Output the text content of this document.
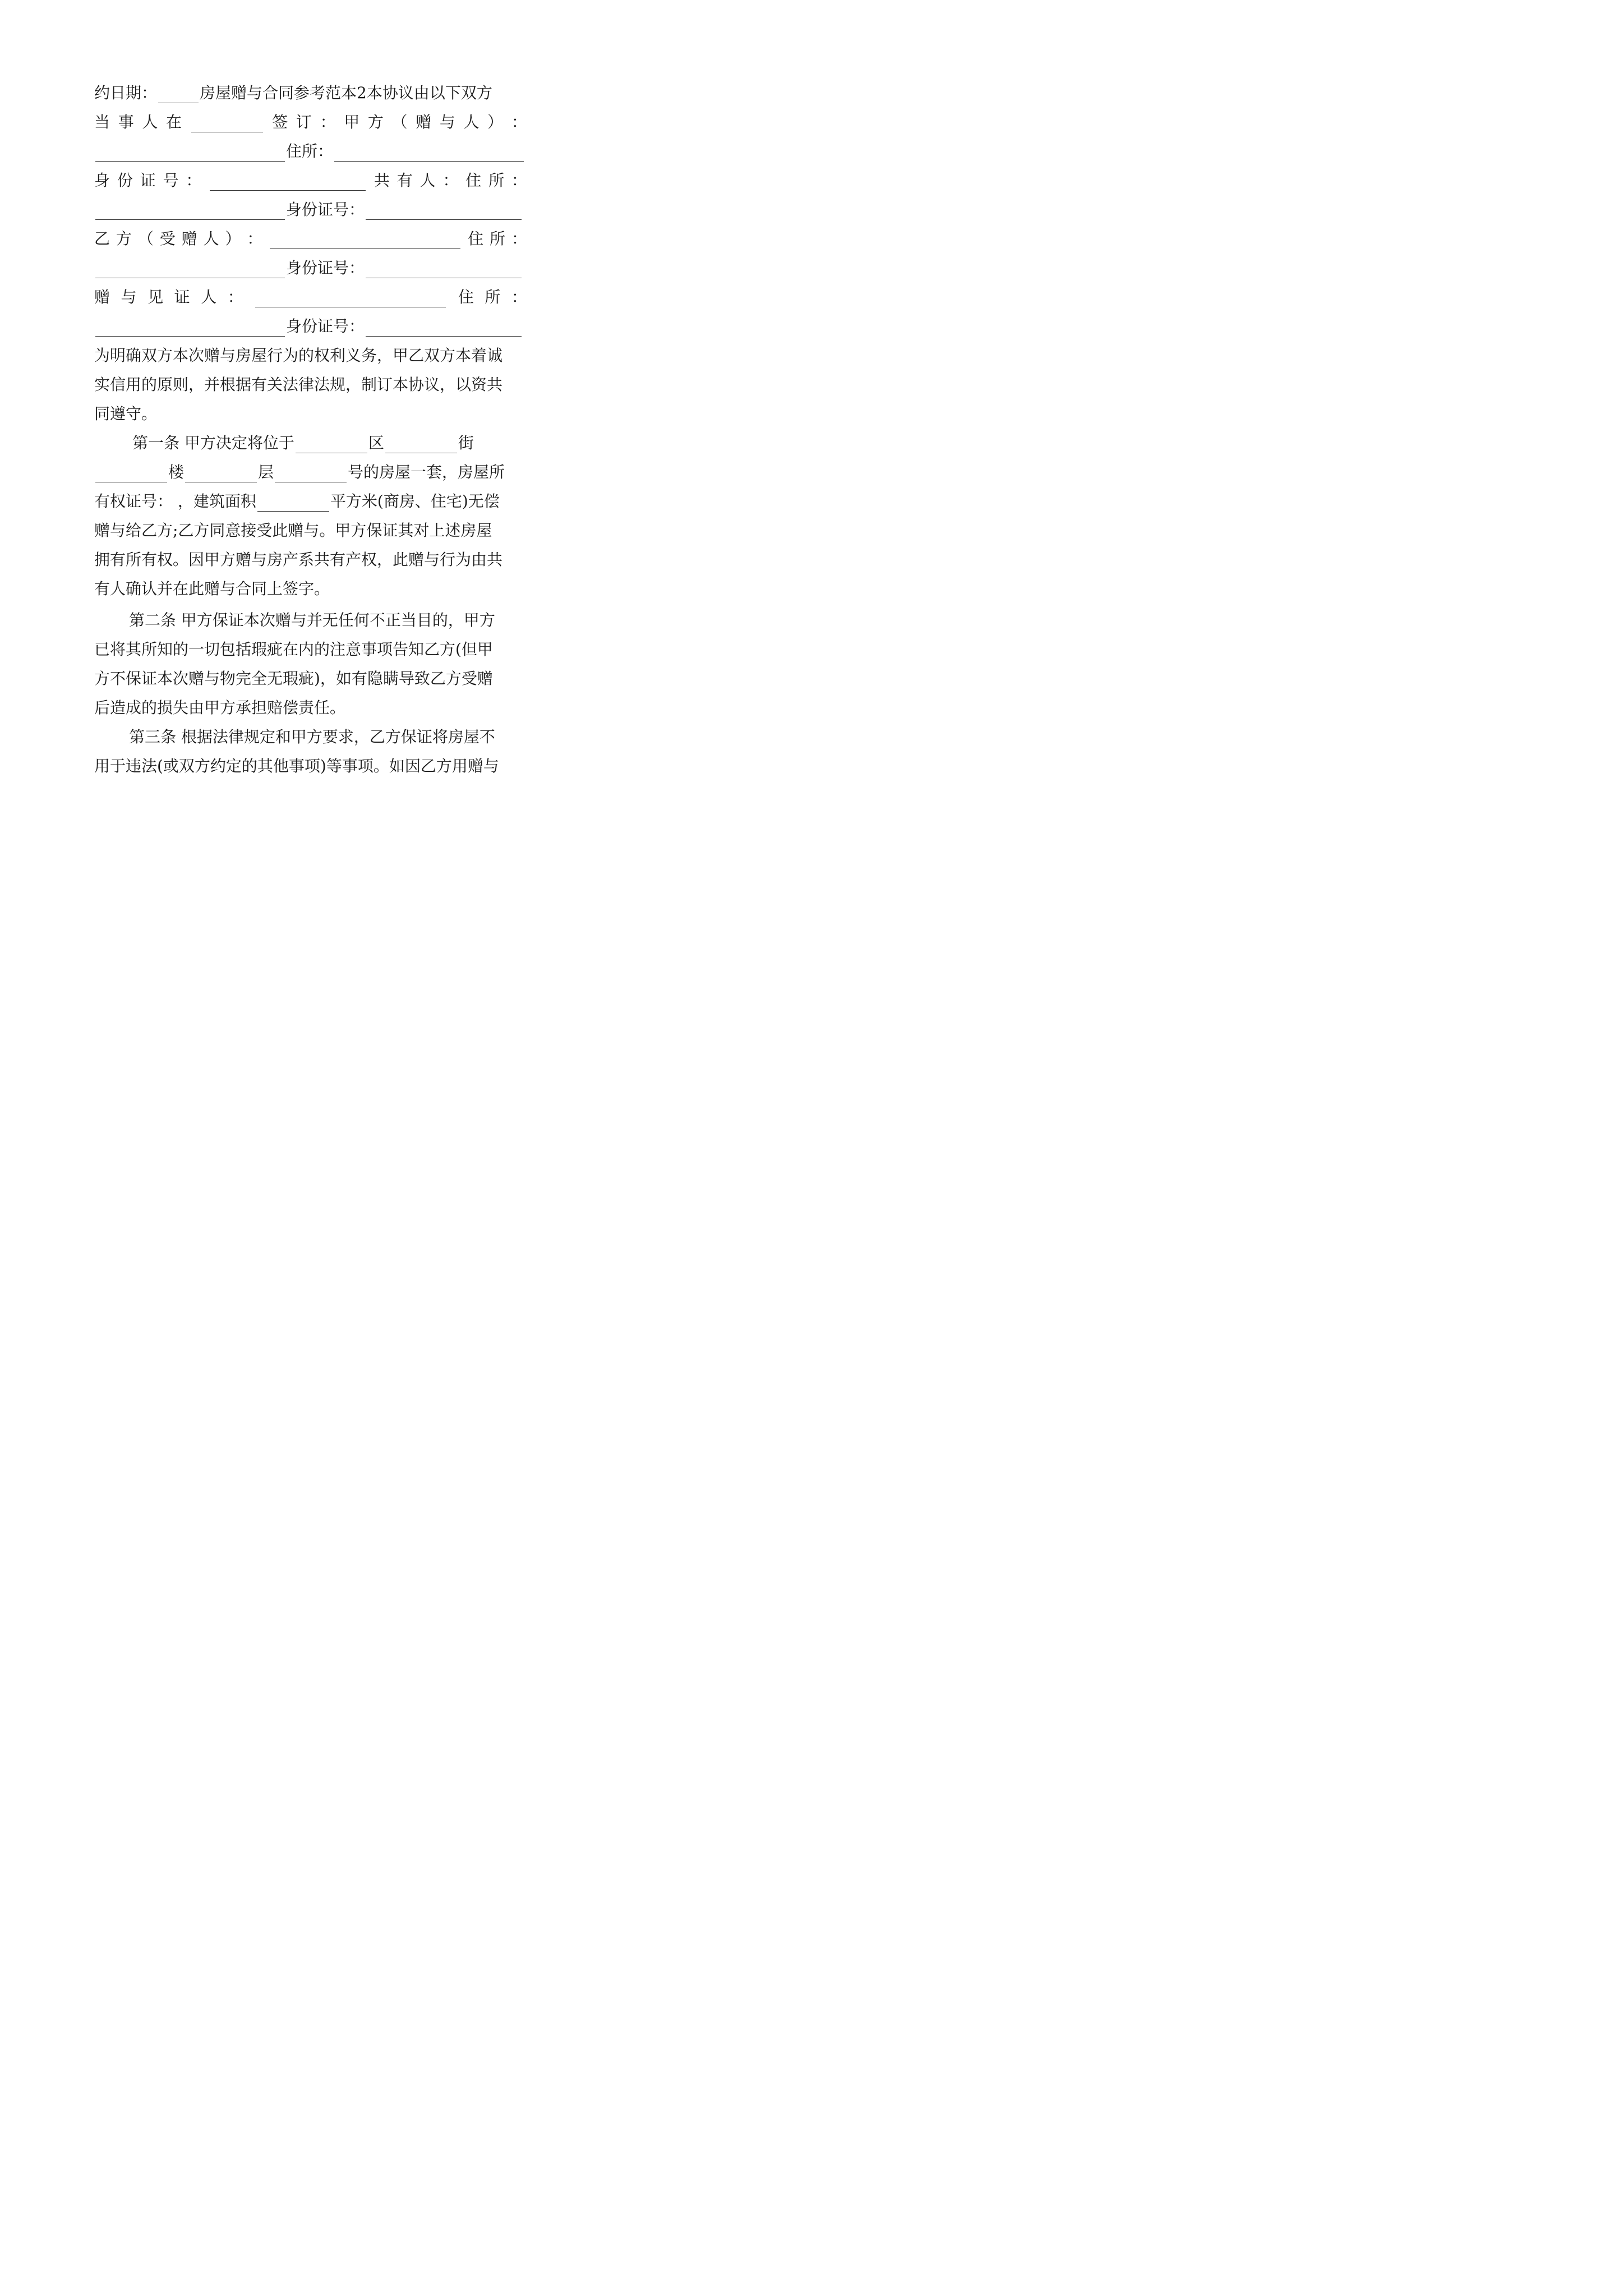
约日期：	房屋赠与合同参考范本2本协议由以下双方
当 事 人 在	签 订 ： 甲 方 （ 赠 与 人 ） ：
住所：
身 份 证 号 ：	共 有 人 ： 住 所 ：
身份证号：
乙 方 （ 受 赠 人 ） ：	住 所 ：
身份证号：
赠 与 见 证 人 ：	住 所 ：
身份证号：
为明确双方本次赠与房屋行为的权利义务，甲乙双方本着诚
实信用的原则，并根据有关法律法规，制订本协议，以资共
同遵守。
第一条 甲方决定将位于	区	街
楼	层	号的房屋一套，房屋所
有权证号： ，建筑面积	平方米(商房、住宅)无偿
赠与给乙方;乙方同意接受此赠与。甲方保证其对上述房屋
拥有所有权。因甲方赠与房产系共有产权，此赠与行为由共
有人确认并在此赠与合同上签字。
第二条 甲方保证本次赠与并无任何不正当目的，甲方
已将其所知的一切包括瑕疵在内的注意事项告知乙方(但甲
方不保证本次赠与物完全无瑕疵)，如有隐瞒导致乙方受赠
后造成的损失由甲方承担赔偿责任。
第三条 根据法律规定和甲方要求，乙方保证将房屋不
用于违法(或双方约定的其他事项)等事项。如因乙方用赠与
